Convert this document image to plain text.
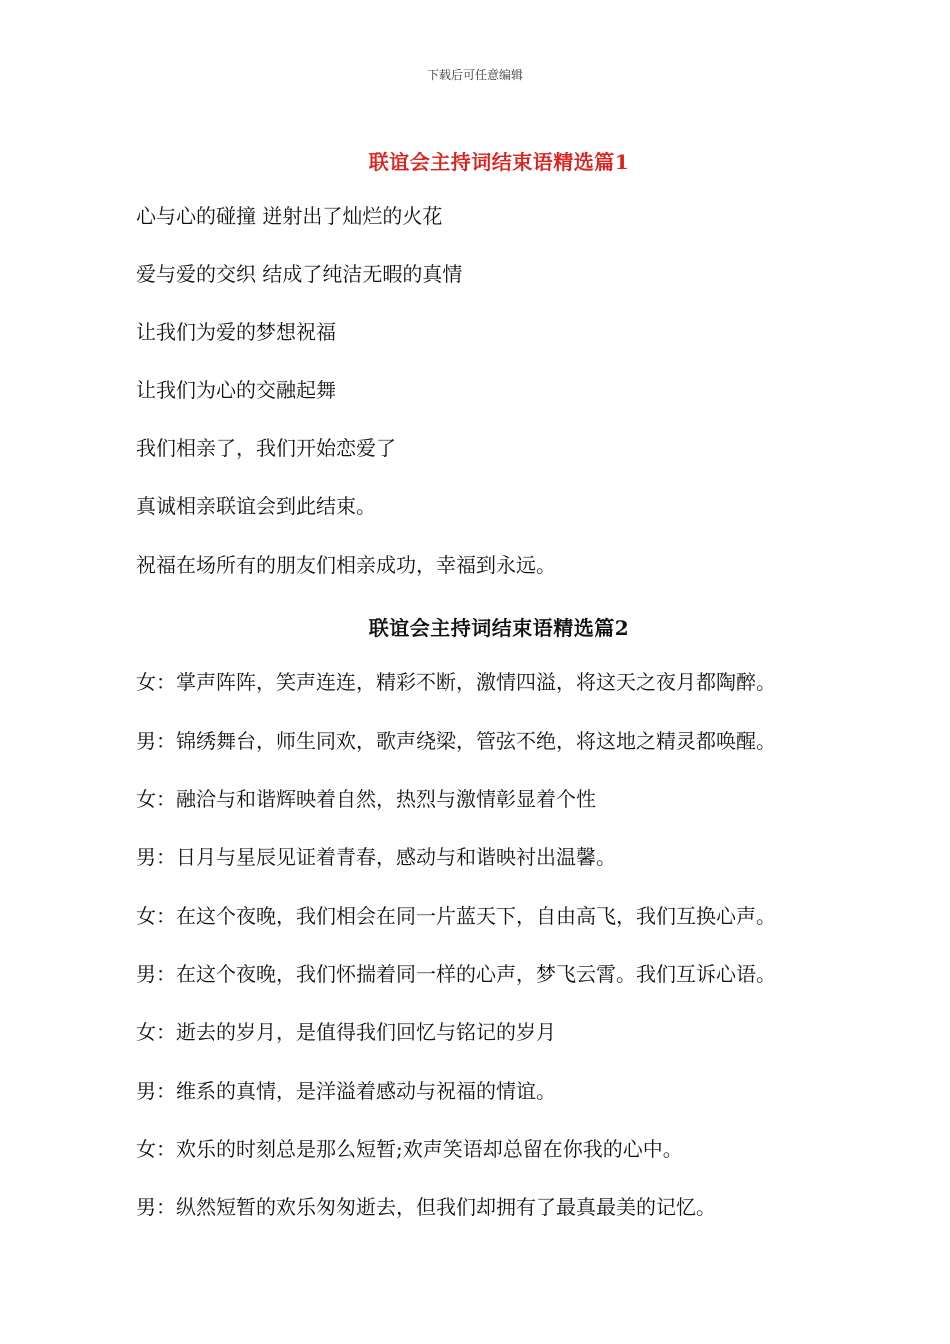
下载后可任意编辑
联谊会主持词结束语精选篇1
心与心的碰撞 迸射出了灿烂的火花
爱与爱的交织 结成了纯洁无暇的真情
让我们为爱的梦想祝福
让我们为心的交融起舞
我们相亲了，我们开始恋爱了
真诚相亲联谊会到此结束。
祝福在场所有的朋友们相亲成功，幸福到永远。
联谊会主持词结束语精选篇2
女：掌声阵阵，笑声连连，精彩不断，激情四溢，将这天之夜月都陶醉。
男：锦绣舞台，师生同欢，歌声绕梁，管弦不绝，将这地之精灵都唤醒。
女：融洽与和谐辉映着自然，热烈与激情彰显着个性
男：日月与星辰见证着青春，感动与和谐映衬出温馨。
女：在这个夜晚，我们相会在同一片蓝天下，自由高飞，我们互换心声。
男：在这个夜晚，我们怀揣着同一样的心声，梦飞云霄。我们互诉心语。
女：逝去的岁月，是值得我们回忆与铭记的岁月
男：维系的真情，是洋溢着感动与祝福的情谊。
女：欢乐的时刻总是那么短暂;欢声笑语却总留在你我的心中。
男：纵然短暂的欢乐匆匆逝去，但我们却拥有了最真最美的记忆。
